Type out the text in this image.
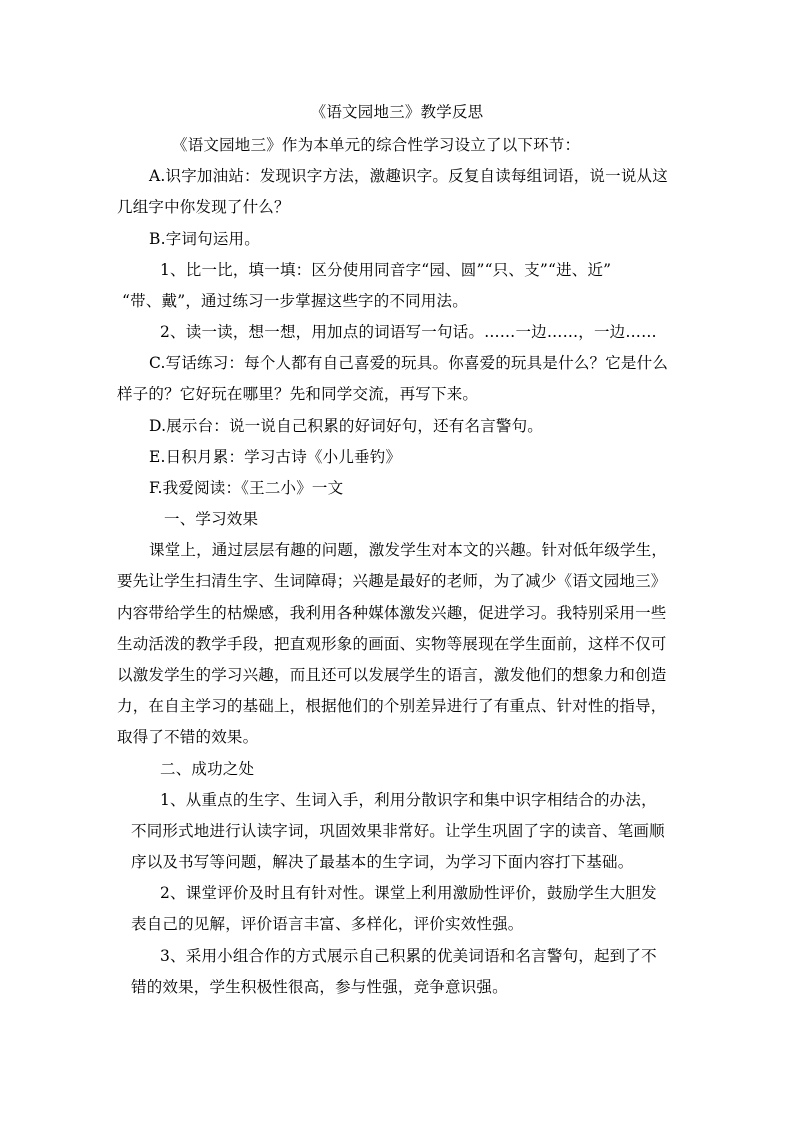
《语文园地三》教学反思
《语文园地三》作为本单元的综合性学习设立了以下环节：
A.识字加油站：发现识字方法，激趣识字。反复自读每组词语，说一说从这
几组字中你发现了什么？
B.字词句运用。
1、比一比，填一填：区分使用同音字“园、圆”“只、支”“进、近”
“带、戴”，通过练习一步掌握这些字的不同用法。
2、读一读，想一想，用加点的词语写一句话。……一边……，一边……
C.写话练习：每个人都有自己喜爱的玩具。你喜爱的玩具是什么？它是什么
样子的？它好玩在哪里？先和同学交流，再写下来。
D.展示台：说一说自己积累的好词好句，还有名言警句。
E.日积月累：学习古诗《小儿垂钓》
F.我爱阅读：《王二小》一文
一、学习效果
课堂上，通过层层有趣的问题，激发学生对本文的兴趣。针对低年级学生，
要先让学生扫清生字、生词障碍；兴趣是最好的老师，为了减少《语文园地三》
内容带给学生的枯燥感，我利用各种媒体激发兴趣，促进学习。我特别采用一些
生动活泼的教学手段，把直观形象的画面、实物等展现在学生面前，这样不仅可
以激发学生的学习兴趣，而且还可以发展学生的语言，激发他们的想象力和创造
力，在自主学习的基础上，根据他们的个别差异进行了有重点、针对性的指导，
取得了不错的效果。
二、成功之处
1、从重点的生字、生词入手，利用分散识字和集中识字相结合的办法，
不同形式地进行认读字词，巩固效果非常好。让学生巩固了字的读音、笔画顺
序以及书写等问题，解决了最基本的生字词，为学习下面内容打下基础。
2、课堂评价及时且有针对性。课堂上利用激励性评价，鼓励学生大胆发
表自己的见解，评价语言丰富、多样化，评价实效性强。
3、采用小组合作的方式展示自己积累的优美词语和名言警句，起到了不
错的效果，学生积极性很高，参与性强，竞争意识强。
